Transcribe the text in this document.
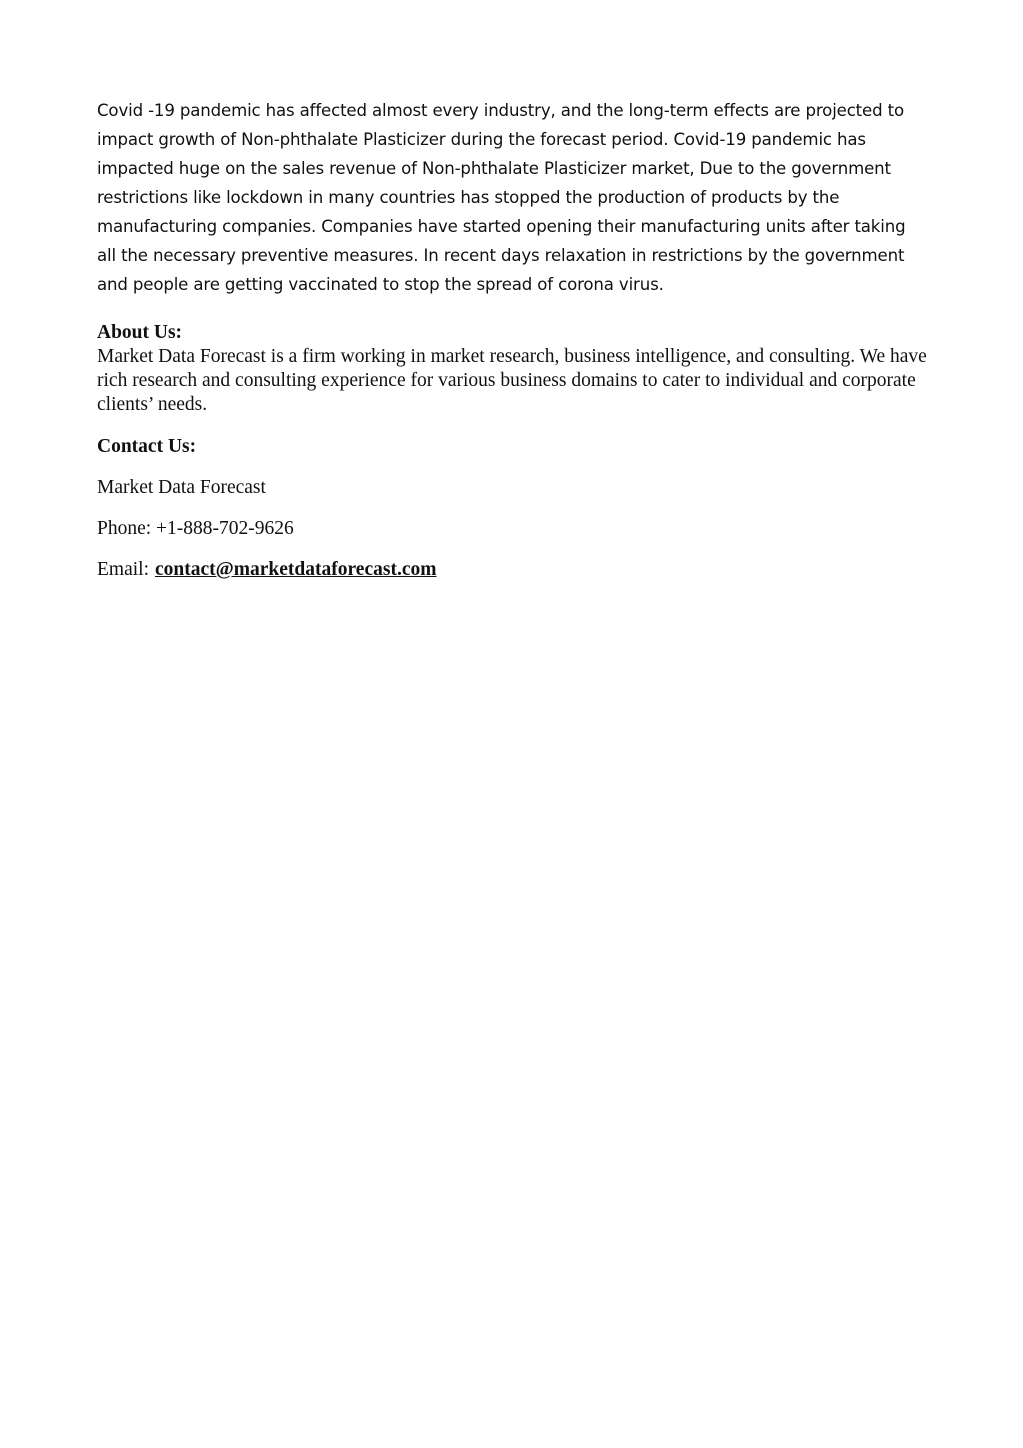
Covid -19 pandemic has affected almost every industry, and the long-term effects are projected to impact growth of Non-phthalate Plasticizer during the forecast period. Covid-19 pandemic has impacted huge on the sales revenue of Non-phthalate Plasticizer market, Due to the government restrictions like lockdown in many countries has stopped the production of products by the manufacturing companies. Companies have started opening their manufacturing units after taking all the necessary preventive measures. In recent days relaxation in restrictions by the government and people are getting vaccinated to stop the spread of corona virus.

About Us:

Market Data Forecast is a firm working in market research, business intelligence, and consulting. We have rich research and consulting experience for various business domains to cater to individual and corporate clients’ needs.

Contact Us:

Market Data Forecast

Phone: +1-888-702-9626

Email: contact@marketdataforecast.com
